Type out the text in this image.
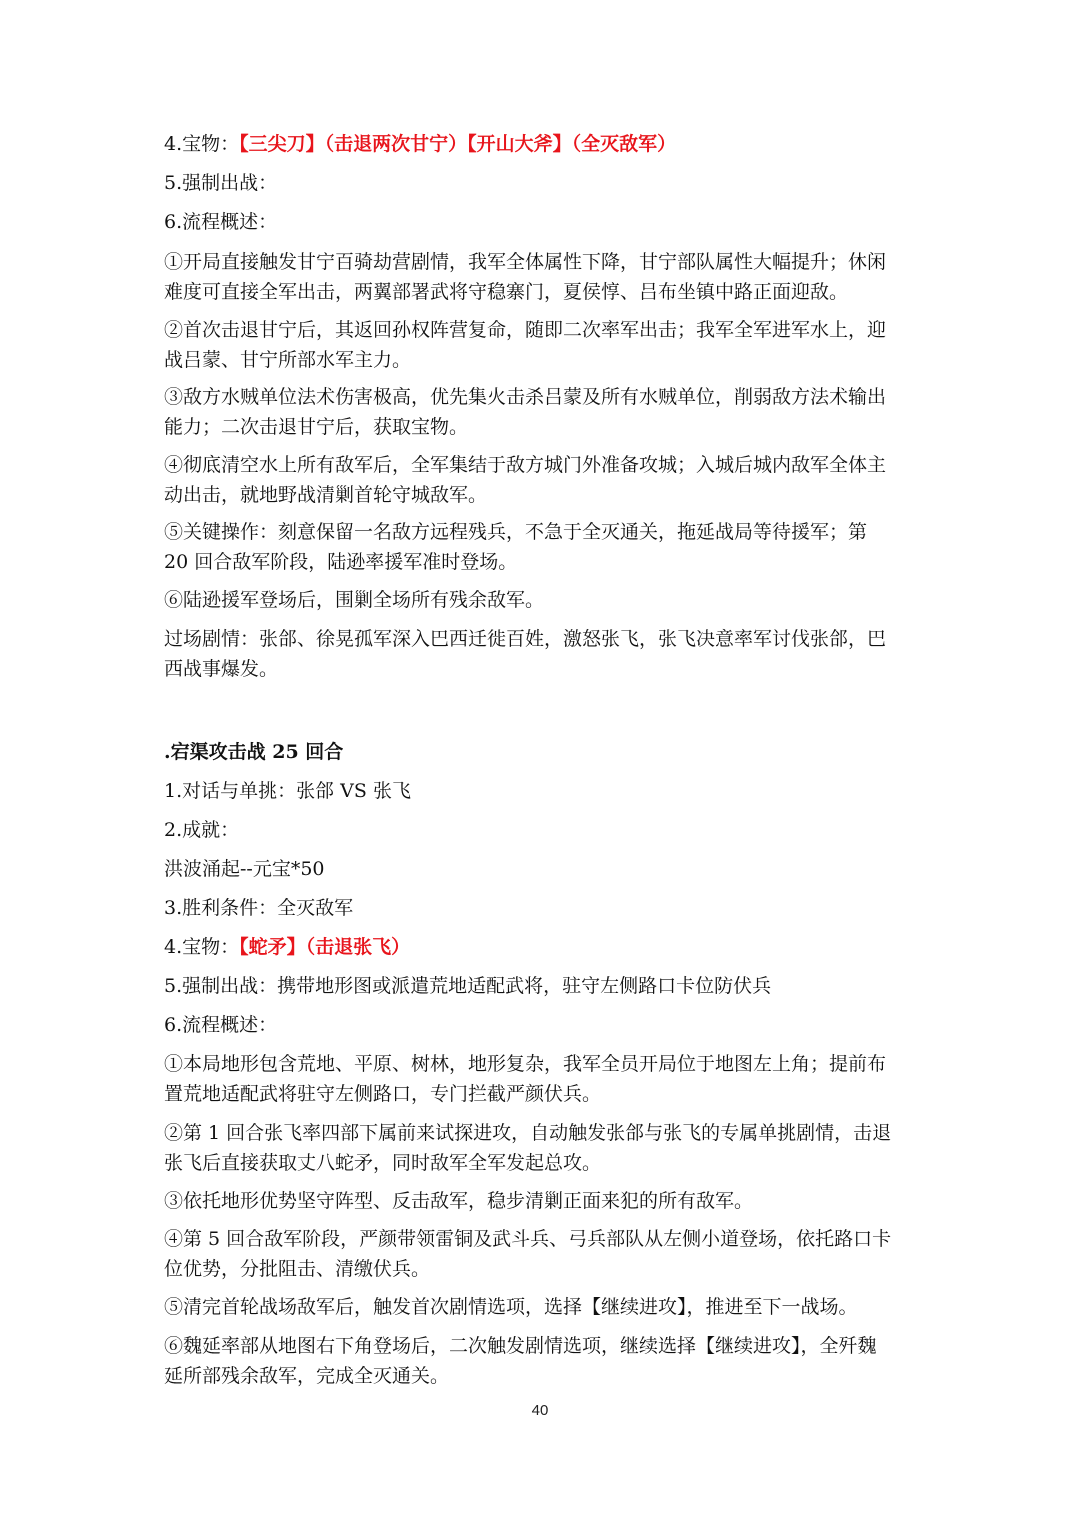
4.宝物：【三尖刀】（击退两次甘宁）【开山大斧】（全灭敌军）
5.强制出战：
6.流程概述：
①开局直接触发甘宁百骑劫营剧情，我军全体属性下降，甘宁部队属性大幅提升；休闲
难度可直接全军出击，两翼部署武将守稳寨门，夏侯惇、吕布坐镇中路正面迎敌。
②首次击退甘宁后，其返回孙权阵营复命，随即二次率军出击；我军全军进军水上，迎
战吕蒙、甘宁所部水军主力。
③敌方水贼单位法术伤害极高，优先集火击杀吕蒙及所有水贼单位，削弱敌方法术输出
能力；二次击退甘宁后，获取宝物。
④彻底清空水上所有敌军后，全军集结于敌方城门外准备攻城；入城后城内敌军全体主
动出击，就地野战清剿首轮守城敌军。
⑤关键操作：刻意保留一名敌方远程残兵，不急于全灭通关，拖延战局等待援军；第
20 回合敌军阶段，陆逊率援军准时登场。
⑥陆逊援军登场后，围剿全场所有残余敌军。
过场剧情：张郃、徐晃孤军深入巴西迁徙百姓，激怒张飞，张飞决意率军讨伐张郃，巴
西战事爆发。
.宕渠攻击战 25 回合
1.对话与单挑：张郃 VS 张飞
2.成就：
洪波涌起--元宝*50
3.胜利条件：全灭敌军
4.宝物：【蛇矛】（击退张飞）
5.强制出战：携带地形图或派遣荒地适配武将，驻守左侧路口卡位防伏兵
6.流程概述：
①本局地形包含荒地、平原、树林，地形复杂，我军全员开局位于地图左上角；提前布
置荒地适配武将驻守左侧路口，专门拦截严颜伏兵。
②第 1 回合张飞率四部下属前来试探进攻，自动触发张郃与张飞的专属单挑剧情，击退
张飞后直接获取丈八蛇矛，同时敌军全军发起总攻。
③依托地形优势坚守阵型、反击敌军，稳步清剿正面来犯的所有敌军。
④第 5 回合敌军阶段，严颜带领雷铜及武斗兵、弓兵部队从左侧小道登场，依托路口卡
位优势，分批阻击、清缴伏兵。
⑤清完首轮战场敌军后，触发首次剧情选项，选择【继续进攻】，推进至下一战场。
⑥魏延率部从地图右下角登场后，二次触发剧情选项，继续选择【继续进攻】，全歼魏
延所部残余敌军，完成全灭通关。
40
